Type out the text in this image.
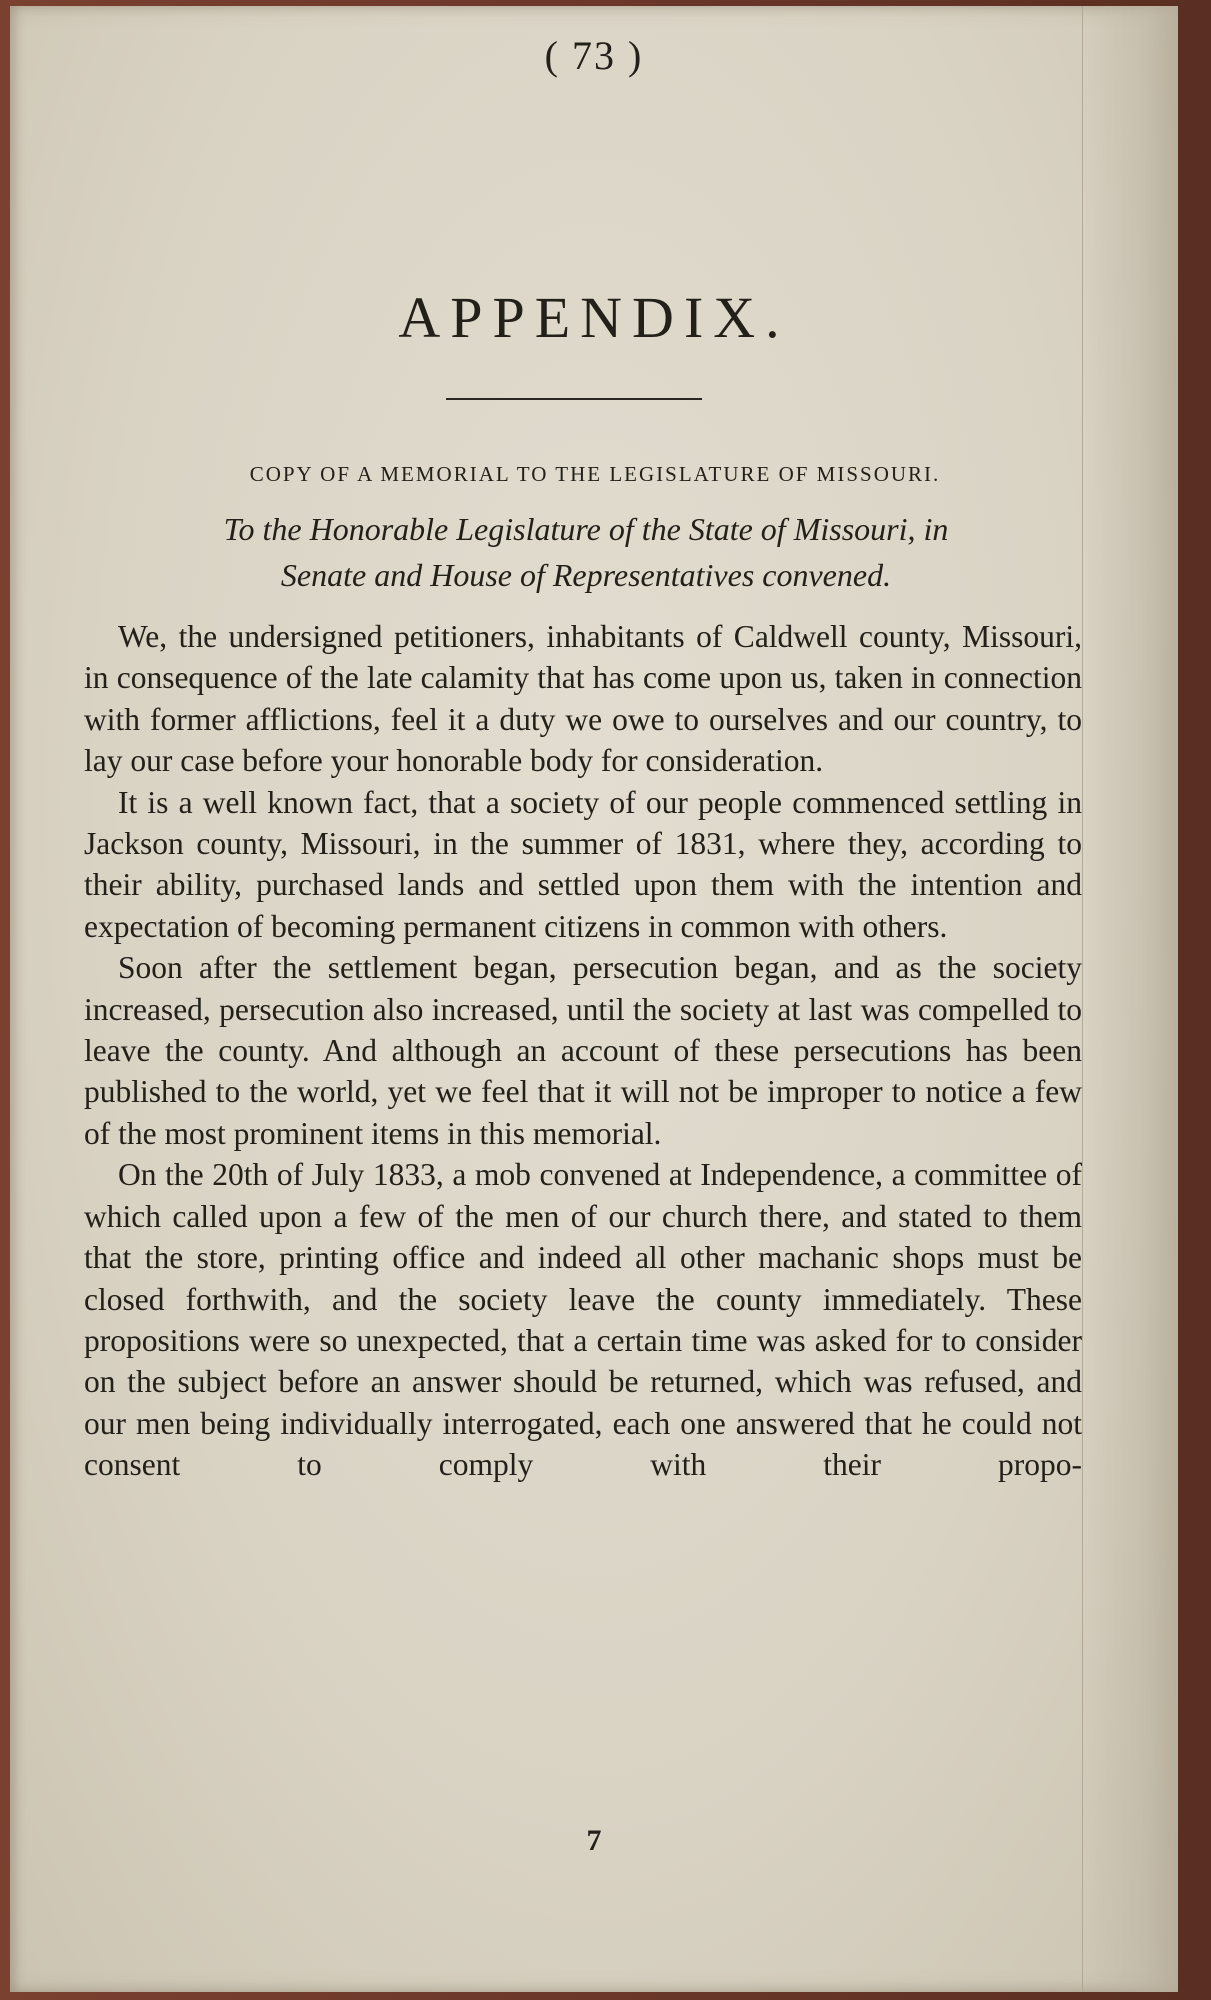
( 73 )
APPENDIX.
COPY OF A MEMORIAL TO THE LEGISLATURE OF MISSOURI.
To the Honorable Legislature of the State of Missouri, in
Senate and House of Representatives convened.

We, the undersigned petitioners, inhabitants of Caldwell county, Missouri, in consequence of the late calamity that has come upon us, taken in connection with former afflictions, feel it a duty we owe to ourselves and our country, to lay our case before your honorable body for consideration.

It is a well known fact, that a society of our people commenced settling in Jackson county, Missouri, in the summer of 1831, where they, according to their ability, purchased lands and settled upon them with the intention and expectation of becoming permanent citizens in common with others.

Soon after the settlement began, persecution began, and as the society increased, persecution also increased, until the society at last was compelled to leave the county. And although an account of these persecutions has been published to the world, yet we feel that it will not be improper to notice a few of the most prominent items in this memorial.

On the 20th of July 1833, a mob convened at Independence, a committee of which called upon a few of the men of our church there, and stated to them that the store, printing office and indeed all other machanic shops must be closed forthwith, and the society leave the county immediately. These propositions were so unexpected, that a certain time was asked for to consider on the subject before an answer should be returned, which was refused, and our men being individually interrogated, each one answered that he could not consent to comply with their propo-

7
